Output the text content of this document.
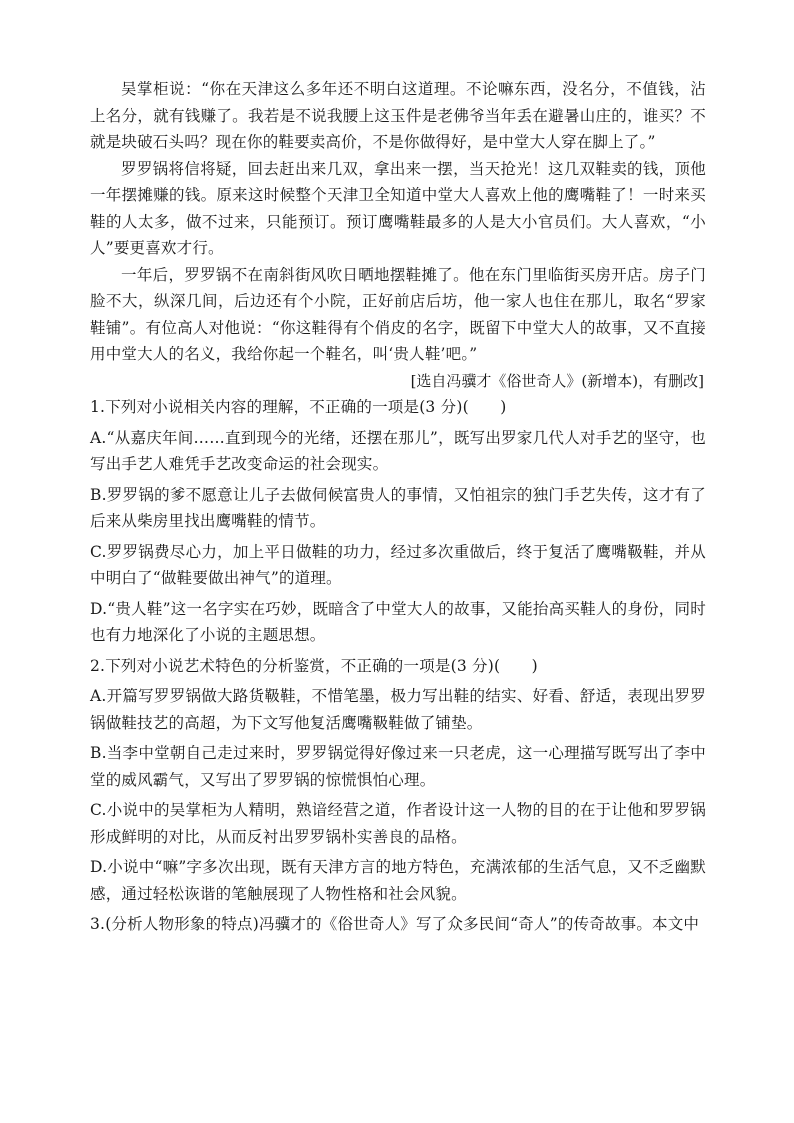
吴掌柜说：“你在天津这么多年还不明白这道理。不论嘛东西，没名分，不值钱，沾上名分，就有钱赚了。我若是不说我腰上这玉件是老佛爷当年丢在避暑山庄的，谁买？不就是块破石头吗？现在你的鞋要卖高价，不是你做得好，是中堂大人穿在脚上了。”

罗罗锅将信将疑，回去赶出来几双，拿出来一摆，当天抢光！这几双鞋卖的钱，顶他一年摆摊赚的钱。原来这时候整个天津卫全知道中堂大人喜欢上他的鹰嘴鞋了！一时来买鞋的人太多，做不过来，只能预订。预订鹰嘴鞋最多的人是大小官员们。大人喜欢，“小人”要更喜欢才行。

一年后，罗罗锅不在南斜街风吹日晒地摆鞋摊了。他在东门里临街买房开店。房子门脸不大，纵深几间，后边还有个小院，正好前店后坊，他一家人也住在那儿，取名“罗家鞋铺”。有位高人对他说：“你这鞋得有个俏皮的名字，既留下中堂大人的故事，又不直接用中堂大人的名义，我给你起一个鞋名，叫‘贵人鞋’吧。”

[选自冯骥才《俗世奇人》(新增本)，有删改]

1.下列对小说相关内容的理解，不正确的一项是(3 分)(　　)

A.“从嘉庆年间……直到现今的光绪，还摆在那儿”，既写出罗家几代人对手艺的坚守，也写出手艺人难凭手艺改变命运的社会现实。

B.罗罗锅的爹不愿意让儿子去做伺候富贵人的事情，又怕祖宗的独门手艺失传，这才有了后来从柴房里找出鹰嘴鞋的情节。

C.罗罗锅费尽心力，加上平日做鞋的功力，经过多次重做后，终于复活了鹰嘴靸鞋，并从中明白了“做鞋要做出神气”的道理。

D.“贵人鞋”这一名字实在巧妙，既暗含了中堂大人的故事，又能抬高买鞋人的身份，同时也有力地深化了小说的主题思想。

2.下列对小说艺术特色的分析鉴赏，不正确的一项是(3 分)(　　)

A.开篇写罗罗锅做大路货靸鞋，不惜笔墨，极力写出鞋的结实、好看、舒适，表现出罗罗锅做鞋技艺的高超，为下文写他复活鹰嘴靸鞋做了铺垫。

B.当李中堂朝自己走过来时，罗罗锅觉得好像过来一只老虎，这一心理描写既写出了李中堂的威风霸气，又写出了罗罗锅的惊慌惧怕心理。

C.小说中的吴掌柜为人精明，熟谙经营之道，作者设计这一人物的目的在于让他和罗罗锅形成鲜明的对比，从而反衬出罗罗锅朴实善良的品格。

D.小说中“嘛”字多次出现，既有天津方言的地方特色，充满浓郁的生活气息，又不乏幽默感，通过轻松诙谐的笔触展现了人物性格和社会风貌。

3.(分析人物形象的特点)冯骥才的《俗世奇人》写了众多民间“奇人”的传奇故事。本文中
